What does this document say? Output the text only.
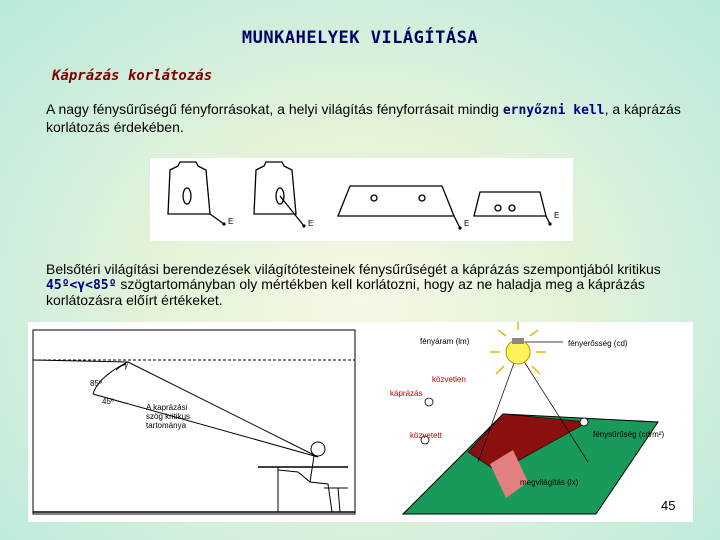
MUNKAHELYEK VILÁGÍTÁSA
Káprázás korlátozás
A nagy fénysűrűségű fényforrásokat, a helyi világítás fényforrásait mindig ernyőzni kell, a káprázás korlátozás érdekében.
E	E	E
E
Belsőtéri világítási berendezések világítótesteinek fénysűrűségét a káprázás szempontjából kritikus 45º<γ<85º szögtartományban oly mértékben kell korlátozni, hogy az ne haladja meg a káprázás korlátozásra előírt értékeket.
85º
γ
45º
A kaprázási
szög kritikus
tartománya
fényáram (lm)	fényerősség (cd)
közvetlen
káprázás
közvetett	fénysűrűség (cd/m²)
megvilágítás (lx)
45
